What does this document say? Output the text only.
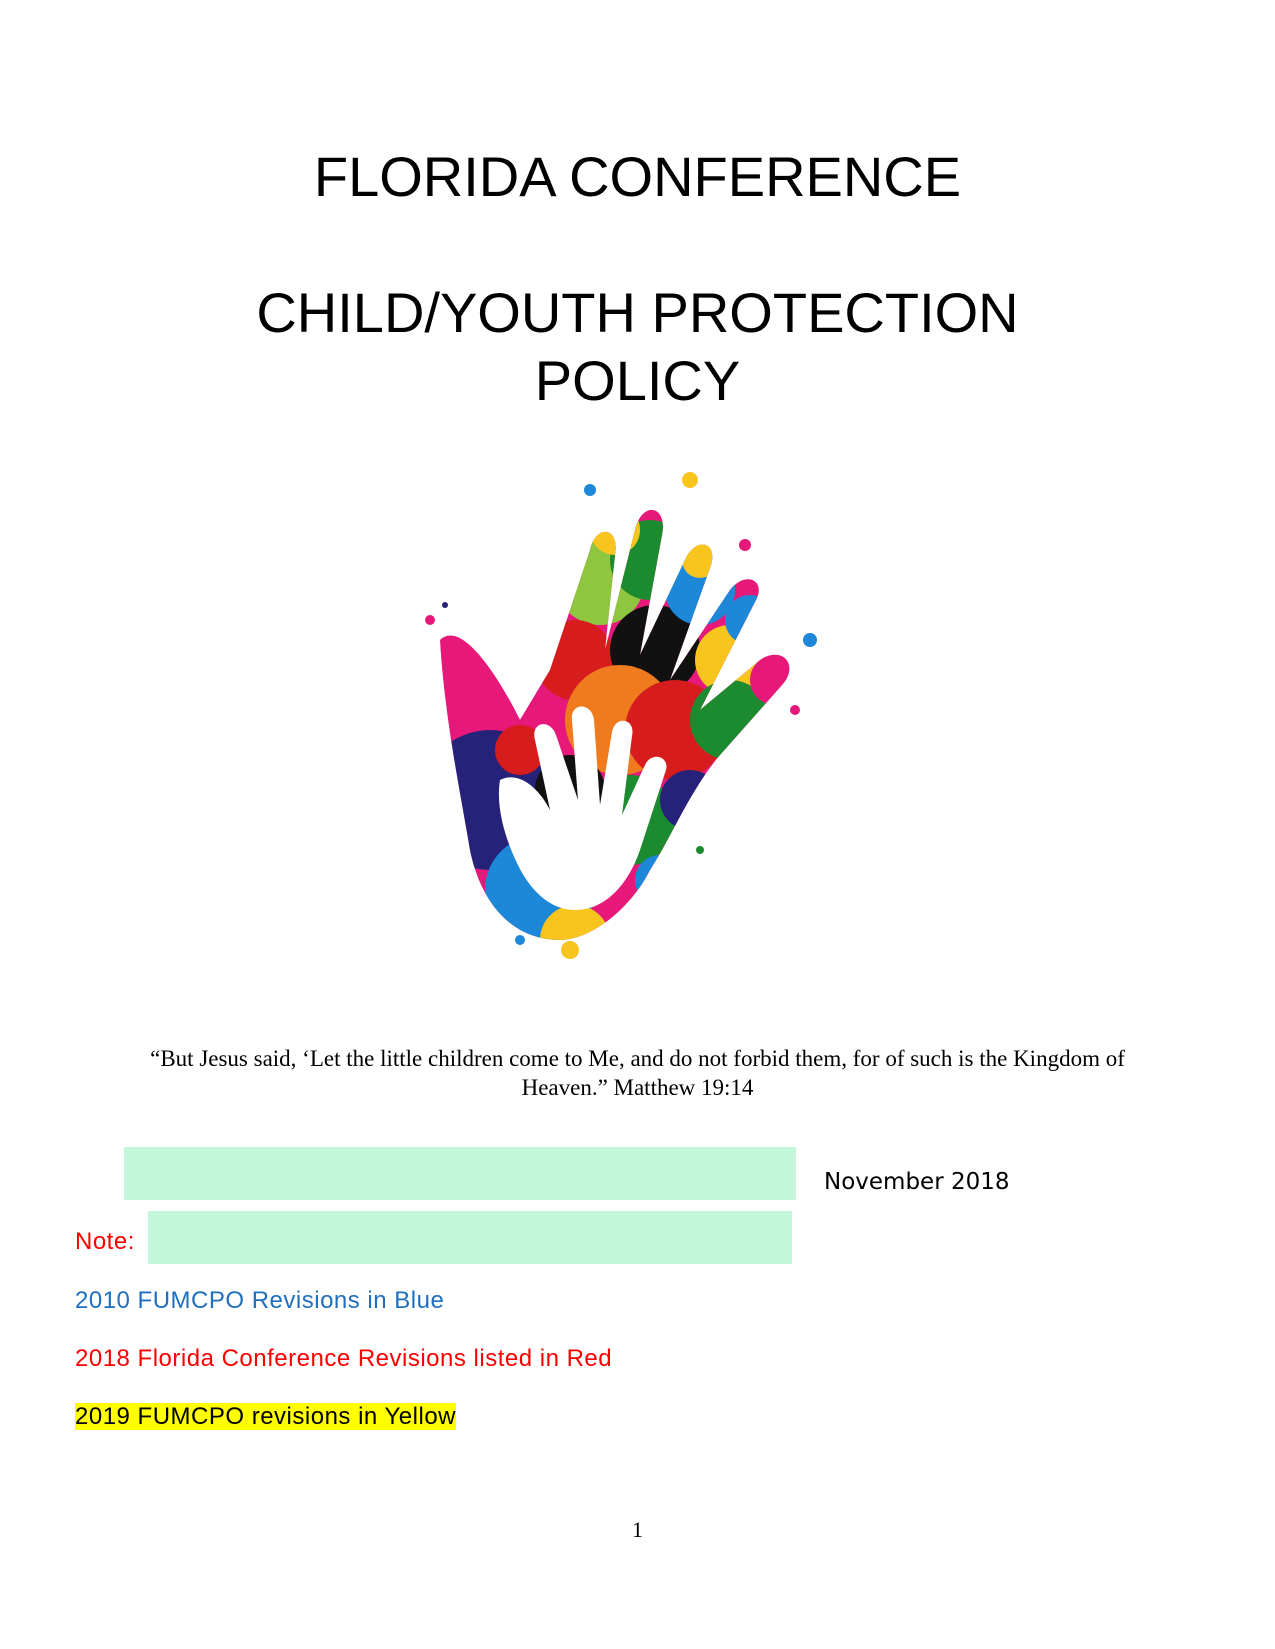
FLORIDA CONFERENCE
CHILD/YOUTH PROTECTION
POLICY
“But Jesus said, ‘Let the little children come to Me, and do not forbid them, for of such is the Kingdom of
Heaven.” Matthew 19:14
November 2018
Note:
2010 FUMCPO Revisions in Blue
2018 Florida Conference Revisions listed in Red
2019 FUMCPO revisions in Yellow
1
